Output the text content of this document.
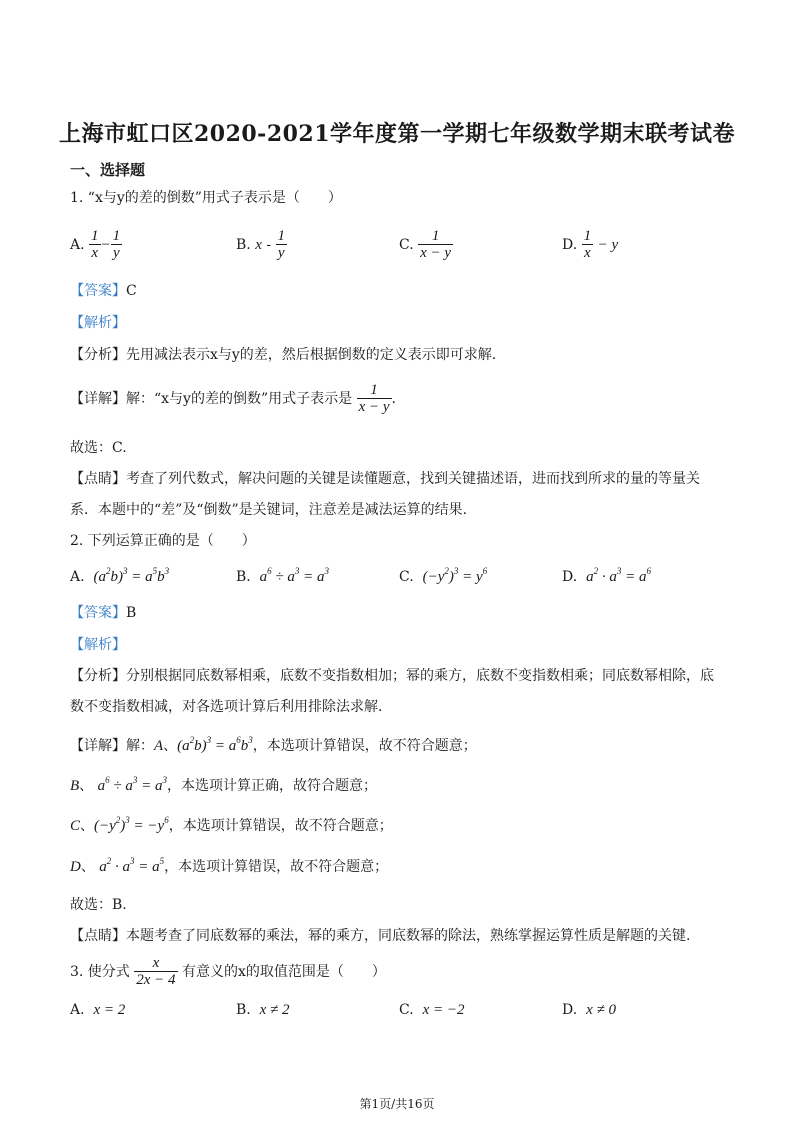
上海市虹口区2020-2021学年度第一学期七年级数学期末联考试卷
一、选择题
1. “x与y的差的倒数”用式子表示是（　　）
A. $\frac{1}{x} - \frac{1}{y}$	B. x - $\frac{1}{y}$	C. $\frac{1}{x - y}$	D. $\frac{1}{x} - y$
【答案】C
【解析】
【分析】先用减法表示x与y的差，然后根据倒数的定义表示即可求解.
【详解】解：“x与y的差的倒数”用式子表示是 $\frac{1}{x - y}$ .
故选：C.
【点睛】考查了列代数式，解决问题的关键是读懂题意，找到关键描述语，进而找到所求的量的等量关
系．本题中的“差”及“倒数”是关键词，注意差是减法运算的结果.
2. 下列运算正确的是（　　）
A.  $(a^2b)^3 = a^5b^3$	B.  $a^6 \div a^3 = a^3$	C.  $(-y^2)^3 = y^6$	D.  $a^2 \cdot a^3 = a^6$
【答案】B
【解析】
【分析】分别根据同底数幂相乘，底数不变指数相加；幂的乘方，底数不变指数相乘；同底数幂相除，底
数不变指数相减，对各选项计算后利用排除法求解.
【详解】解：A、$(a^2b)^3 = a^6b^3$，本选项计算错误，故不符合题意；
B、 $a^6 \div a^3 = a^3$，本选项计算正确，故符合题意；
C、$(-y^2)^3 = -y^6$，本选项计算错误，故不符合题意；
D、 $a^2 \cdot a^3 = a^5$，本选项计算错误，故不符合题意；
故选：B.
【点睛】本题考查了同底数幂的乘法，幂的乘方，同底数幂的除法，熟练掌握运算性质是解题的关键.
3. 使分式 $\frac{x}{2x - 4}$ 有意义的x的取值范围是（　　）
A.  x = 2	B.  x ≠ 2	C.  x = −2	D.  x ≠ 0
第1页/共16页
